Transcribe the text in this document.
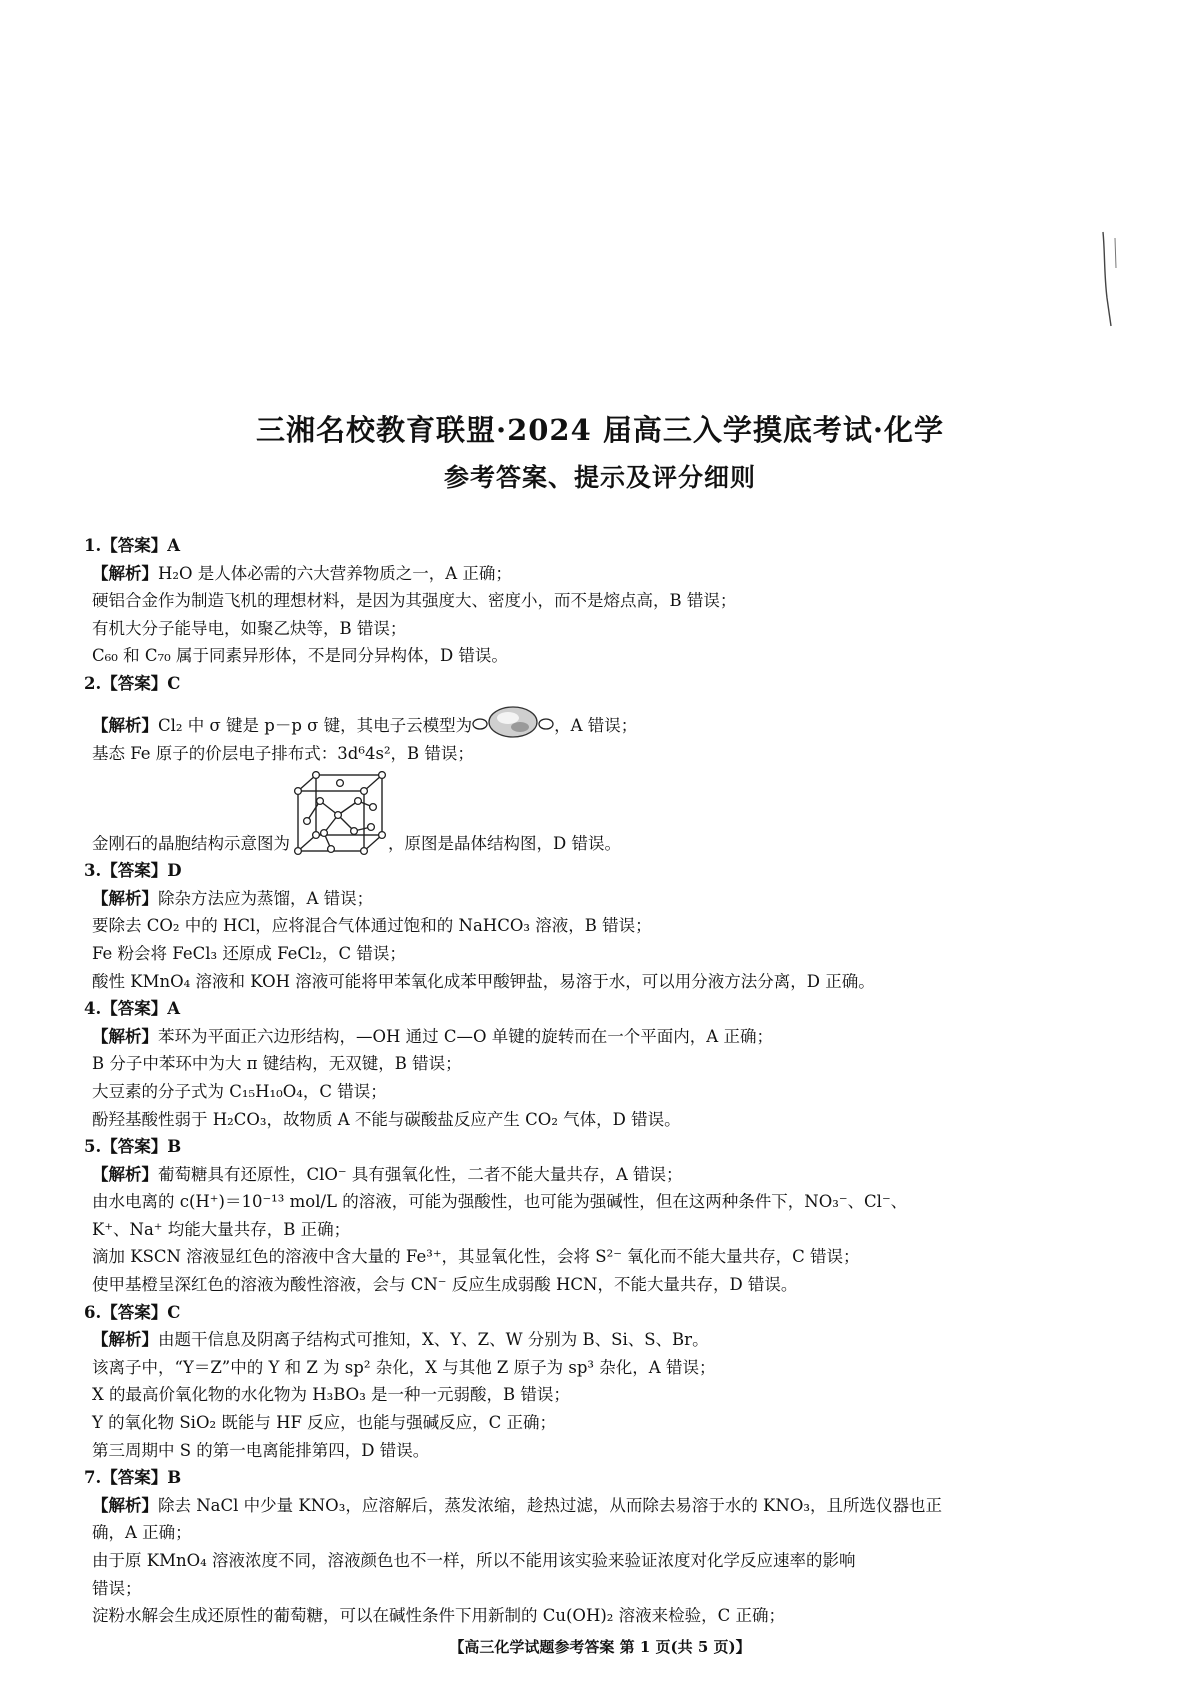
三湘名校教育联盟·2024 届高三入学摸底考试·化学
参考答案、提示及评分细则
1.【答案】A
【解析】H₂O 是人体必需的六大营养物质之一，A 正确；
硬铝合金作为制造飞机的理想材料，是因为其强度大、密度小，而不是熔点高，B 错误；
有机大分子能导电，如聚乙炔等，B 错误；
C₆₀ 和 C₇₀ 属于同素异形体，不是同分异构体，D 错误。
2.【答案】C
【解析】 Cl₂ 中 σ 键是 p－p σ 键，其电子云模型为	，A 错误；
基态 Fe 原子的价层电子排布式：3d⁶4s²，B 错误；
金刚石的晶胞结构示意图为	，原图是晶体结构图，D 错误。
3.【答案】D
【解析】除杂方法应为蒸馏，A 错误；
要除去 CO₂ 中的 HCl，应将混合气体通过饱和的 NaHCO₃ 溶液，B 错误；
Fe 粉会将 FeCl₃ 还原成 FeCl₂，C 错误；
酸性 KMnO₄ 溶液和 KOH 溶液可能将甲苯氧化成苯甲酸钾盐，易溶于水，可以用分液方法分离，D 正确。
4.【答案】A
【解析】苯环为平面正六边形结构，—OH 通过 C—O 单键的旋转而在一个平面内，A 正确；
B 分子中苯环中为大 π 键结构，无双键，B 错误；
大豆素的分子式为 C₁₅H₁₀O₄，C 错误；
酚羟基酸性弱于 H₂CO₃，故物质 A 不能与碳酸盐反应产生 CO₂ 气体，D 错误。
5.【答案】B
【解析】葡萄糖具有还原性，ClO⁻ 具有强氧化性，二者不能大量共存，A 错误；
由水电离的 c(H⁺)＝10⁻¹³ mol/L 的溶液，可能为强酸性，也可能为强碱性，但在这两种条件下，NO₃⁻、Cl⁻、
K⁺、Na⁺ 均能大量共存，B 正确；
滴加 KSCN 溶液显红色的溶液中含大量的 Fe³⁺，其显氧化性，会将 S²⁻ 氧化而不能大量共存，C 错误；
使甲基橙呈深红色的溶液为酸性溶液，会与 CN⁻ 反应生成弱酸 HCN，不能大量共存，D 错误。
6.【答案】C
【解析】由题干信息及阴离子结构式可推知，X、Y、Z、W 分别为 B、Si、S、Br。
该离子中，“Y＝Z”中的 Y 和 Z 为 sp² 杂化，X 与其他 Z 原子为 sp³ 杂化，A 错误；
X 的最高价氧化物的水化物为 H₃BO₃ 是一种一元弱酸，B 错误；
Y 的氧化物 SiO₂ 既能与 HF 反应，也能与强碱反应，C 正确；
第三周期中 S 的第一电离能排第四，D 错误。
7.【答案】B
【解析】除去 NaCl 中少量 KNO₃，应溶解后，蒸发浓缩，趁热过滤，从而除去易溶于水的 KNO₃，且所选仪器也正
确，A 正确；
由于原 KMnO₄ 溶液浓度不同，溶液颜色也不一样，所以不能用该实验来验证浓度对化学反应速率的影响
错误；
淀粉水解会生成还原性的葡萄糖，可以在碱性条件下用新制的 Cu(OH)₂ 溶液来检验，C 正确；
【高三化学试题参考答案 第 1 页(共 5 页)】
